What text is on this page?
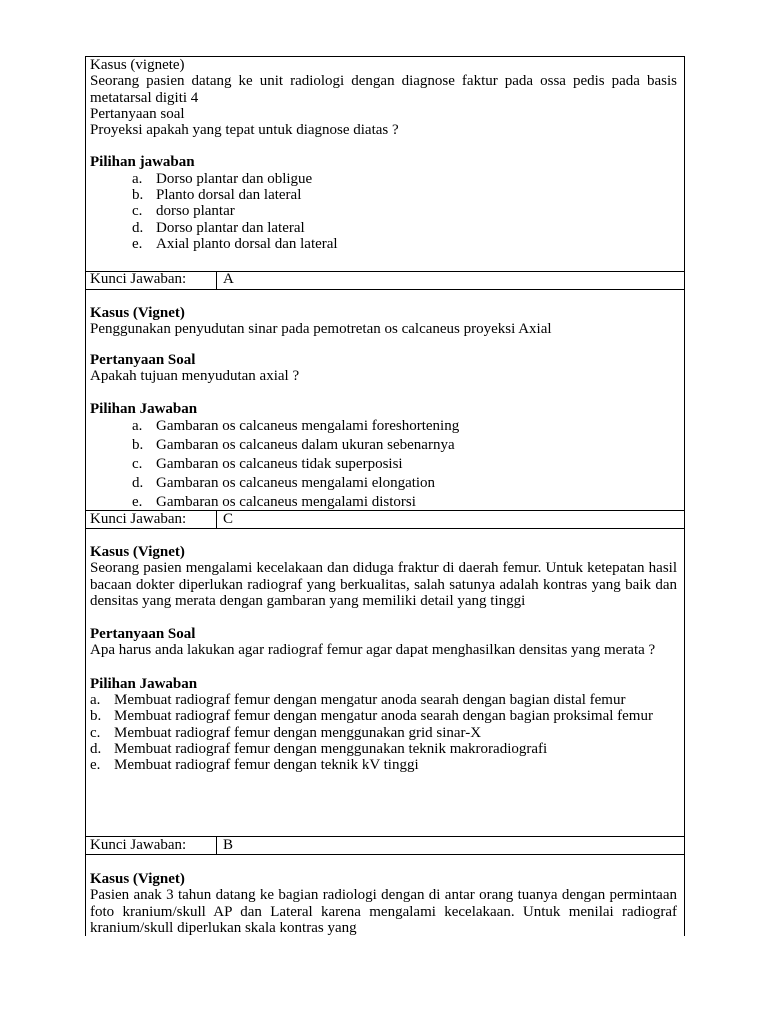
Kasus (vignete)

Seorang pasien datang ke unit radiologi dengan diagnose faktur pada ossa pedis pada basis metatarsal digiti 4

Pertanyaan soal

Proyeksi apakah yang tepat untuk diagnose diatas ?

Pilihan jawaban

a. Dorso plantar dan obligue
b. Planto dorsal dan lateral
c. dorso plantar
d. Dorso plantar dan lateral
e. Axial planto dorsal dan lateral
Kunci Jawaban: A

Kasus (Vignet)

Penggunakan penyudutan sinar pada pemotretan os calcaneus proyeksi Axial

Pertanyaan Soal

Apakah tujuan menyudutan axial ?

Pilihan Jawaban

a. Gambaran os calcaneus mengalami foreshortening
b. Gambaran os calcaneus dalam ukuran sebenarnya
c. Gambaran os calcaneus tidak superposisi
d. Gambaran os calcaneus mengalami elongation
e. Gambaran os calcaneus mengalami distorsi
Kunci Jawaban: C

Kasus (Vignet)

Seorang pasien mengalami kecelakaan dan diduga fraktur di daerah femur. Untuk ketepatan hasil bacaan dokter diperlukan radiograf yang berkualitas, salah satunya adalah kontras yang baik dan densitas yang merata dengan gambaran yang memiliki detail yang tinggi

Pertanyaan Soal

Apa harus anda lakukan agar radiograf femur agar dapat menghasilkan densitas yang merata ?

Pilihan Jawaban

a. Membuat radiograf femur dengan mengatur anoda searah dengan bagian distal femur
b. Membuat radiograf femur dengan mengatur anoda searah dengan bagian proksimal femur
c. Membuat radiograf femur dengan menggunakan grid sinar-X
d. Membuat radiograf femur dengan menggunakan teknik makroradiografi
e. Membuat radiograf femur dengan teknik kV tinggi
Kunci Jawaban: B

Kasus (Vignet)

Pasien anak 3 tahun datang ke bagian radiologi dengan di antar orang tuanya dengan permintaan foto kranium/skull AP dan Lateral karena mengalami kecelakaan. Untuk menilai radiograf kranium/skull diperlukan skala kontras yang
